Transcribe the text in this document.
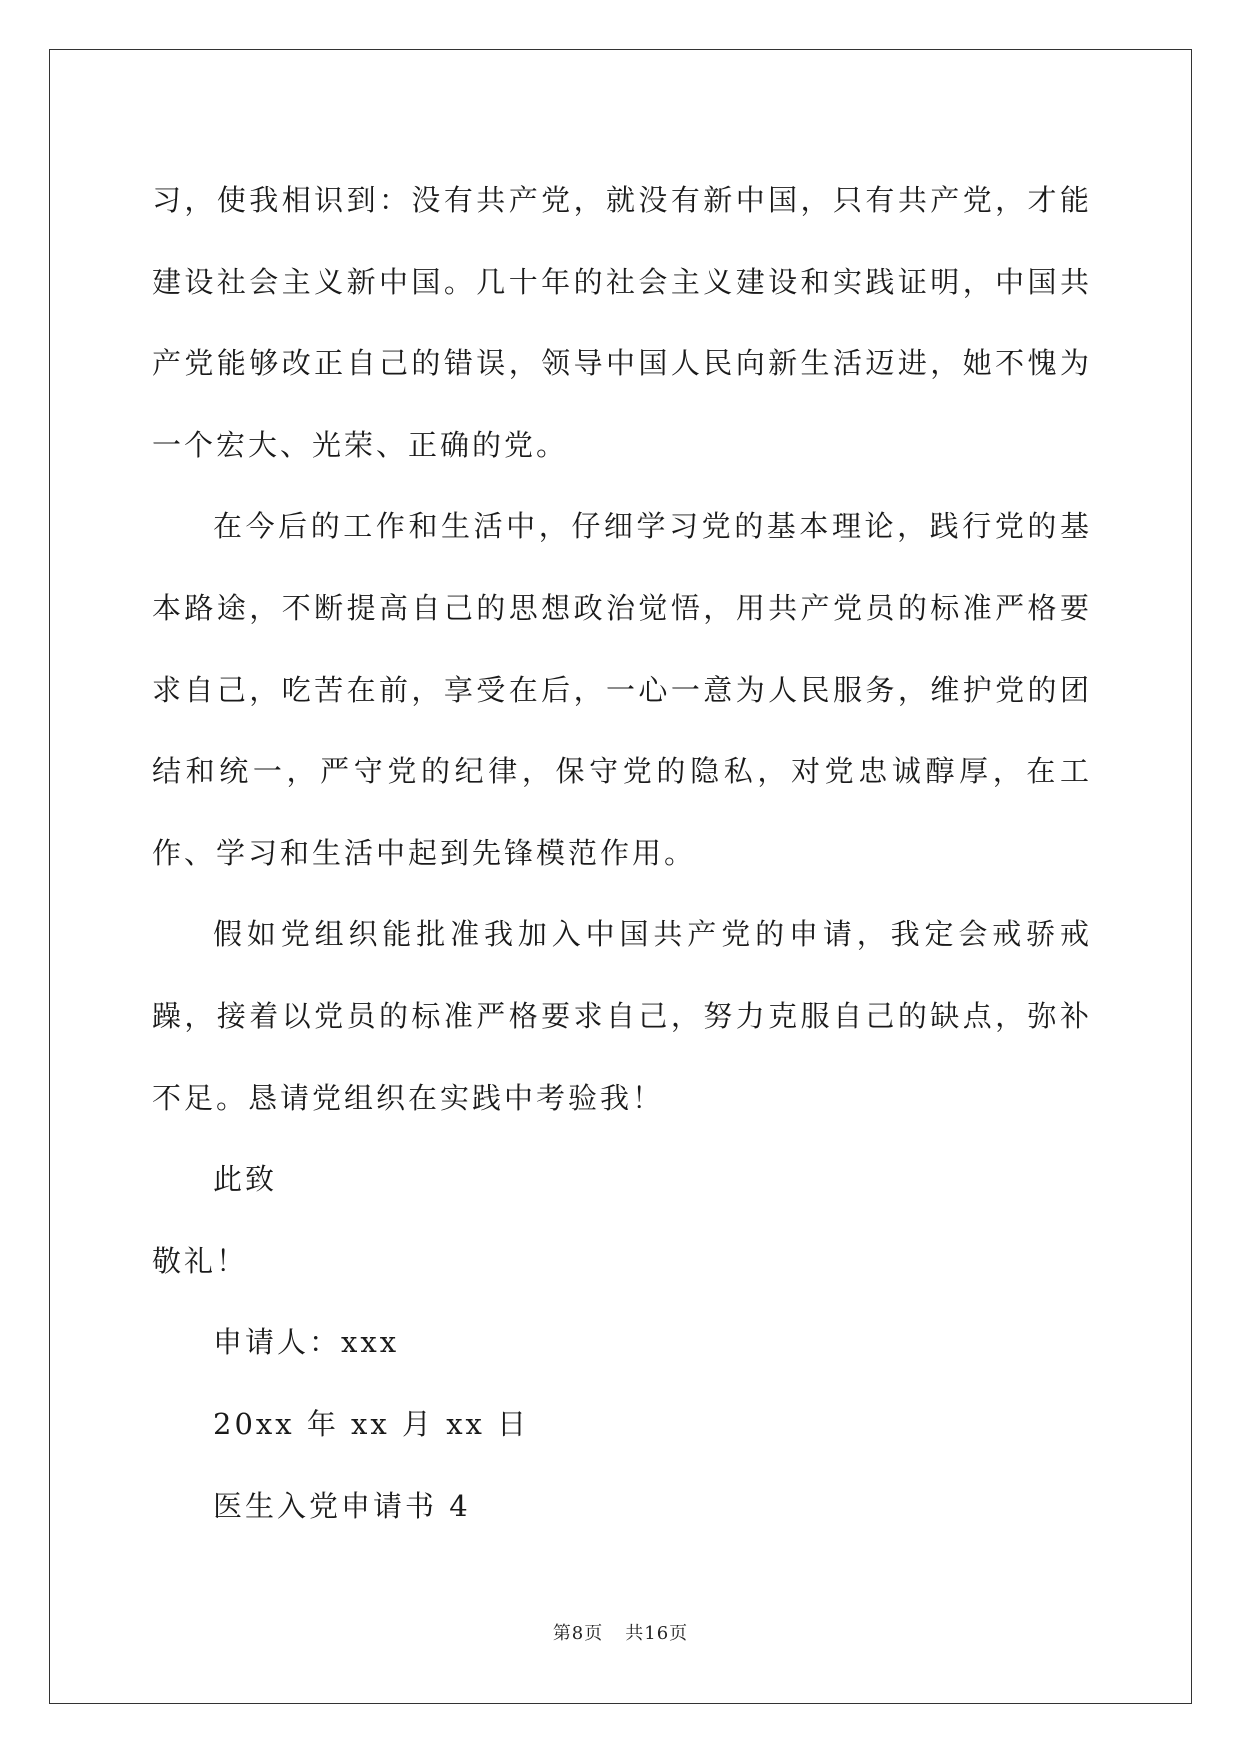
习，使我相识到：没有共产党，就没有新中国，只有共产党，才能建设社会主义新中国。几十年的社会主义建设和实践证明，中国共产党能够改正自己的错误，领导中国人民向新生活迈进，她不愧为一个宏大、光荣、正确的党。

在今后的工作和生活中，仔细学习党的基本理论，践行党的基本路途，不断提高自己的思想政治觉悟，用共产党员的标准严格要求自己，吃苦在前，享受在后，一心一意为人民服务，维护党的团结和统一，严守党的纪律，保守党的隐私，对党忠诚醇厚，在工作、学习和生活中起到先锋模范作用。

假如党组织能批准我加入中国共产党的申请，我定会戒骄戒躁，接着以党员的标准严格要求自己，努力克服自己的缺点，弥补不足。恳请党组织在实践中考验我！

此致

敬礼！

申请人：xxx

20xx 年 xx 月 xx 日

医生入党申请书 4

第8页 共16页
